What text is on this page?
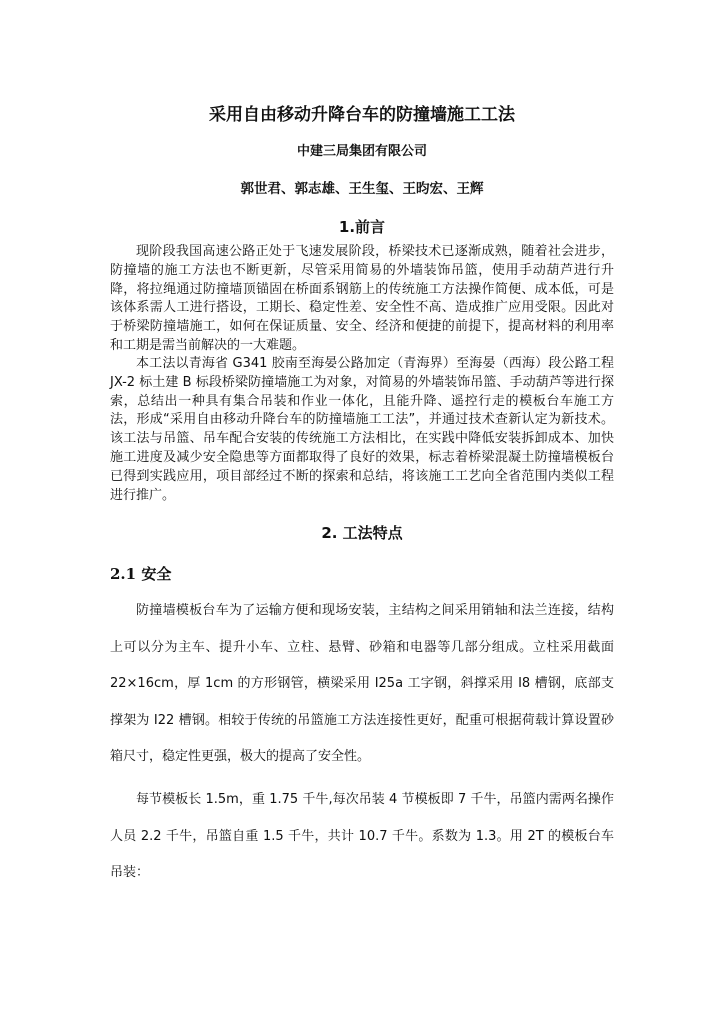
采用自由移动升降台车的防撞墙施工工法
中建三局集团有限公司
郭世君、郭志雄、王生玺、王昀宏、王辉
1.前言
现阶段我国高速公路正处于飞速发展阶段，桥梁技术已逐渐成熟，随着社会进步，防撞墙的施工方法也不断更新，尽管采用简易的外墙装饰吊篮，使用手动葫芦进行升降，将拉绳通过防撞墙顶锚固在桥面系钢筋上的传统施工方法操作简便、成本低，可是该体系需人工进行搭设，工期长、稳定性差、安全性不高、造成推广应用受限。因此对于桥梁防撞墙施工，如何在保证质量、安全、经济和便捷的前提下，提高材料的利用率和工期是需当前解决的一大难题。
本工法以青海省 G341 胶南至海晏公路加定（青海界）至海晏（西海）段公路工程 JX-2 标土建 B 标段桥梁防撞墙施工为对象，对简易的外墙装饰吊篮、手动葫芦等进行探索，总结出一种具有集合吊装和作业一体化，且能升降、遥控行走的模板台车施工方法，形成“采用自由移动升降台车的防撞墙施工工法”，并通过技术查新认定为新技术。该工法与吊篮、吊车配合安装的传统施工方法相比，在实践中降低安装拆卸成本、加快施工进度及减少安全隐患等方面都取得了良好的效果，标志着桥梁混凝土防撞墙模板台已得到实践应用，项目部经过不断的探索和总结，将该施工工艺向全省范围内类似工程进行推广。
2. 工法特点
2.1 安全
防撞墙模板台车为了运输方便和现场安装，主结构之间采用销轴和法兰连接，结构上可以分为主车、提升小车、立柱、悬臂、砂箱和电器等几部分组成。立柱采用截面 22×16cm，厚 1cm 的方形钢管，横梁采用 I25a 工字钢，斜撑采用 I8 槽钢，底部支撑架为 I22 槽钢。相较于传统的吊篮施工方法连接性更好，配重可根据荷载计算设置砂箱尺寸，稳定性更强，极大的提高了安全性。
每节模板长 1.5m，重 1.75 千牛,每次吊装 4 节模板即 7 千牛，吊篮内需两名操作人员 2.2 千牛，吊篮自重 1.5 千牛，共计 10.7 千牛。系数为 1.3。用 2T 的模板台车吊装：
